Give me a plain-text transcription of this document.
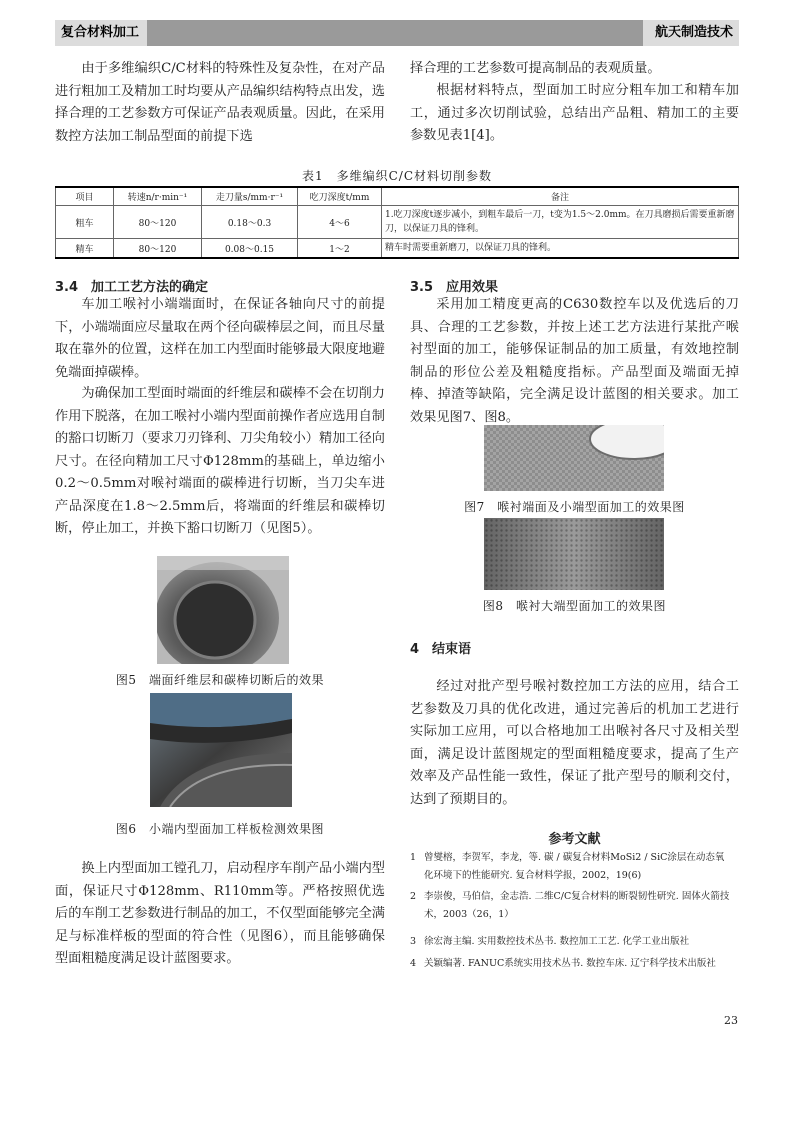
复合材料加工	航天制造技术
由于多维编织C/C材料的特殊性及复杂性，在对产品进行粗加工及精加工时均要从产品编织结构特点出发，选择合理的工艺参数方可保证产品表观质量。因此，在采用数控方法加工制品型面的前提下选
择合理的工艺参数可提高制品的表观质量。
根据材料特点，型面加工时应分粗车加工和精车加工，通过多次切削试验，总结出产品粗、精加工的主要参数见表1[4]。
表1　多维编织C/C材料切削参数
项目	转速n/r·min⁻¹	走刀量s/mm·r⁻¹	吃刀深度t/mm	备注
粗车	80～120	0.18～0.3	4～6	1.吃刀深度t逐步减小，到粗车最后一刀，t变为1.5～2.0mm。在刀具磨损后需要重新磨刀，以保证刀具的锋利。
精车	80～120	0.08～0.15	1～2	精车时需要重新磨刀，以保证刀具的锋利。
3.4　加工工艺方法的确定
车加工喉衬小端端面时，在保证各轴向尺寸的前提下，小端端面应尽量取在两个径向碳棒层之间，而且尽量取在靠外的位置，这样在加工内型面时能够最大限度地避免端面掉碳棒。
为确保加工型面时端面的纤维层和碳棒不会在切削力作用下脱落，在加工喉衬小端内型面前操作者应选用自制的豁口切断刀（要求刀刃锋利、刀尖角较小）精加工径向尺寸。在径向精加工尺寸Φ128mm的基础上，单边缩小0.2～0.5mm对喉衬端面的碳棒进行切断，当刀尖车进产品深度在1.8～2.5mm后，将端面的纤维层和碳棒切断，停止加工，并换下豁口切断刀（见图5）。
图5　端面纤维层和碳棒切断后的效果
图6　小端内型面加工样板检测效果图
换上内型面加工镗孔刀，启动程序车削产品小端内型面，保证尺寸Φ128mm、R110mm等。严格按照优选后的车削工艺参数进行制品的加工，不仅型面能够完全满足与标准样板的型面的符合性（见图6），而且能够确保型面粗糙度满足设计蓝图要求。
3.5　应用效果
采用加工精度更高的C630数控车以及优选后的刀具、合理的工艺参数，并按上述工艺方法进行某批产喉衬型面的加工，能够保证制品的加工质量，有效地控制制品的形位公差及粗糙度指标。产品型面及端面无掉棒、掉渣等缺陷，完全满足设计蓝图的相关要求。加工效果见图7、图8。
图7　喉衬端面及小端型面加工的效果图
图8　喉衬大端型面加工的效果图
4　结束语
经过对批产型号喉衬数控加工方法的应用，结合工艺参数及刀具的优化改进，通过完善后的机加工艺进行实际加工应用，可以合格地加工出喉衬各尺寸及相关型面，满足设计蓝图规定的型面粗糙度要求，提高了生产效率及产品性能一致性，保证了批产型号的顺利交付，达到了预期目的。
参考文献
1 曾燮榕，李贺军，李龙，等. 碳 / 碳复合材料MoSi2 / SiC涂层在动态氧化环境下的性能研究. 复合材料学报，2002，19(6)
2 李崇俊，马伯信，金志浩. 二维C/C复合材料的断裂韧性研究. 固体火箭技术，2003（26，1）
3 徐宏海主编. 实用数控技术丛书. 数控加工工艺. 化学工业出版社
4 关颖编著. FANUC系统实用技术丛书. 数控车床. 辽宁科学技术出版社
23
